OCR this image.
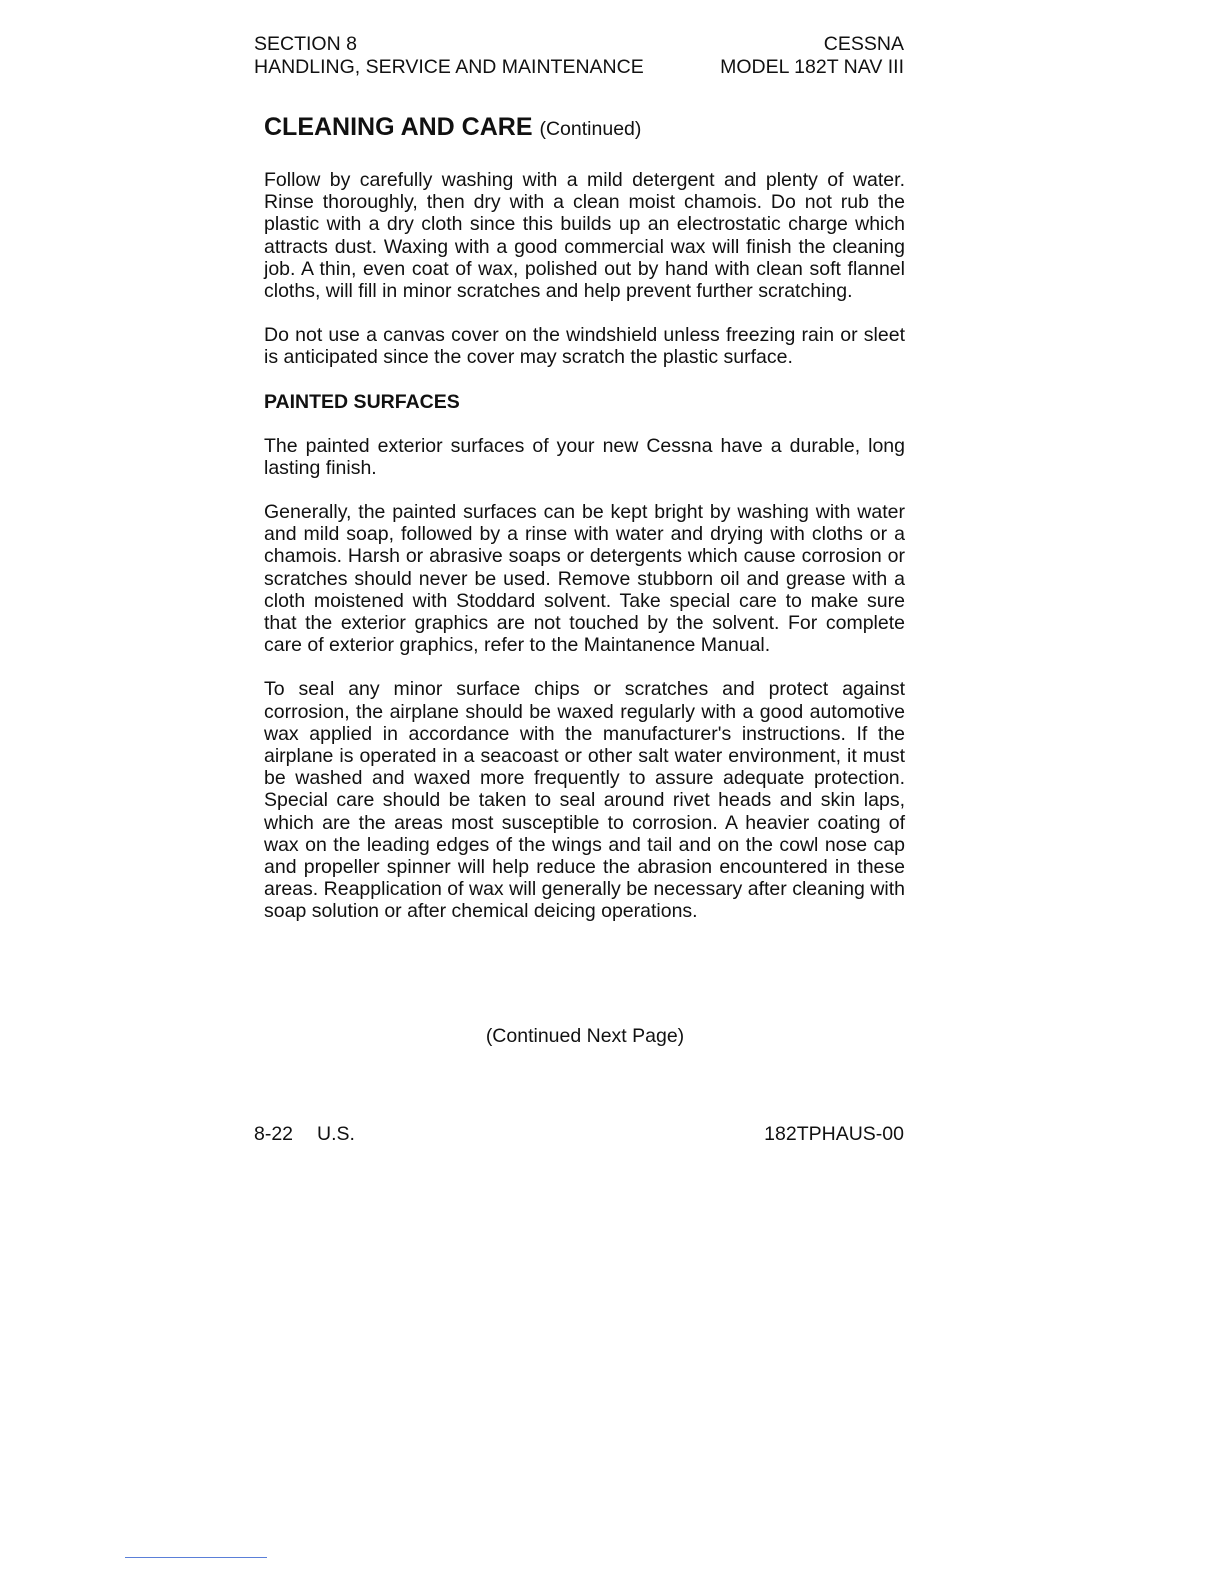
SECTION 8
HANDLING, SERVICE AND MAINTENANCE
CESSNA
MODEL 182T NAV III
CLEANING AND CARE (Continued)

Follow by carefully washing with a mild detergent and plenty of water. Rinse thoroughly, then dry with a clean moist chamois. Do not rub the plastic with a dry cloth since this builds up an electrostatic charge which attracts dust. Waxing with a good commercial wax will finish the cleaning job. A thin, even coat of wax, polished out by hand with clean soft flannel cloths, will fill in minor scratches and help prevent further scratching.

Do not use a canvas cover on the windshield unless freezing rain or sleet is anticipated since the cover may scratch the plastic surface.

PAINTED SURFACES

The painted exterior surfaces of your new Cessna have a durable, long lasting finish.

Generally, the painted surfaces can be kept bright by washing with water and mild soap, followed by a rinse with water and drying with cloths or a chamois. Harsh or abrasive soaps or detergents which cause corrosion or scratches should never be used. Remove stubborn oil and grease with a cloth moistened with Stoddard solvent. Take special care to make sure that the exterior graphics are not touched by the solvent. For complete care of exterior graphics, refer to the Maintanence Manual.

To seal any minor surface chips or scratches and protect against corrosion, the airplane should be waxed regularly with a good automotive wax applied in accordance with the manufacturer's instructions. If the airplane is operated in a seacoast or other salt water environment, it must be washed and waxed more frequently to assure adequate protection. Special care should be taken to seal around rivet heads and skin laps, which are the areas most susceptible to corrosion. A heavier coating of wax on the leading edges of the wings and tail and on the cowl nose cap and propeller spinner will help reduce the abrasion encountered in these areas. Reapplication of wax will generally be necessary after cleaning with soap solution or after chemical deicing operations.

(Continued Next Page)
8-22 U.S.	182TPHAUS-00
